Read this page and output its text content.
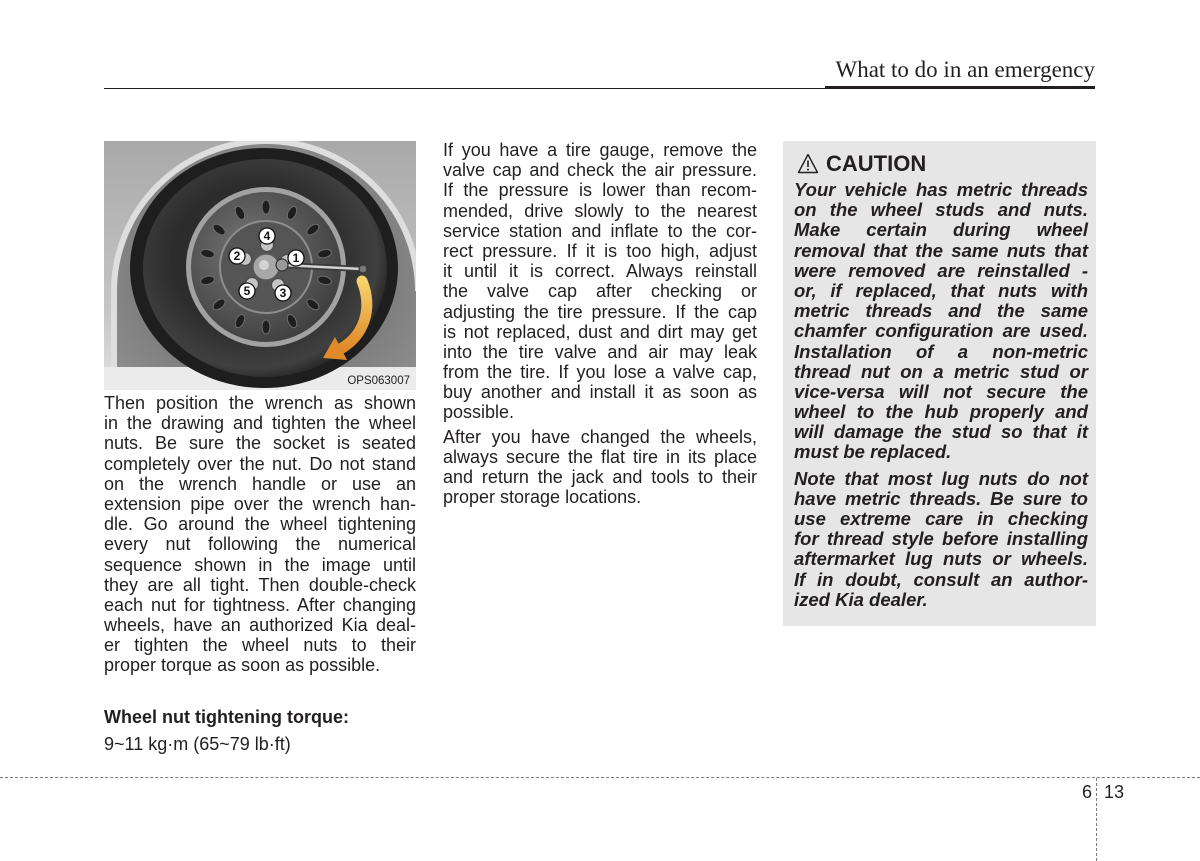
What to do in an emergency
1
2
3
4
5
OPS063007
Then position the wrench as shown
in the drawing and tighten the wheel
nuts. Be sure the socket is seated
completely over the nut. Do not stand
on the wrench handle or use an
extension pipe over the wrench han-
dle. Go around the wheel tightening
every nut following the numerical
sequence shown in the image until
they are all tight. Then double-check
each nut for tightness. After changing
wheels, have an authorized Kia deal-
er tighten the wheel nuts to their
proper torque as soon as possible.
Wheel nut tightening torque:
9~11 kg·m (65~79 lb·ft)
If you have a tire gauge, remove the
valve cap and check the air pressure.
If the pressure is lower than recom-
mended, drive slowly to the nearest
service station and inflate to the cor-
rect pressure. If it is too high, adjust
it until it is correct. Always reinstall
the valve cap after checking or
adjusting the tire pressure. If the cap
is not replaced, dust and dirt may get
into the tire valve and air may leak
from the tire. If you lose a valve cap,
buy another and install it as soon as
possible.
After you have changed the wheels,
always secure the flat tire in its place
and return the jack and tools to their
proper storage locations.
CAUTION
Your vehicle has metric threads
on the wheel studs and nuts.
Make certain during wheel
removal that the same nuts that
were removed are reinstalled -
or, if replaced, that nuts with
metric threads and the same
chamfer configuration are used.
Installation of a non-metric
thread nut on a metric stud or
vice-versa will not secure the
wheel to the hub properly and
will damage the stud so that it
must be replaced.
Note that most lug nuts do not
have metric threads. Be sure to
use extreme care in checking
for thread style before installing
aftermarket lug nuts or wheels.
If in doubt, consult an author-
ized Kia dealer.
6 13
